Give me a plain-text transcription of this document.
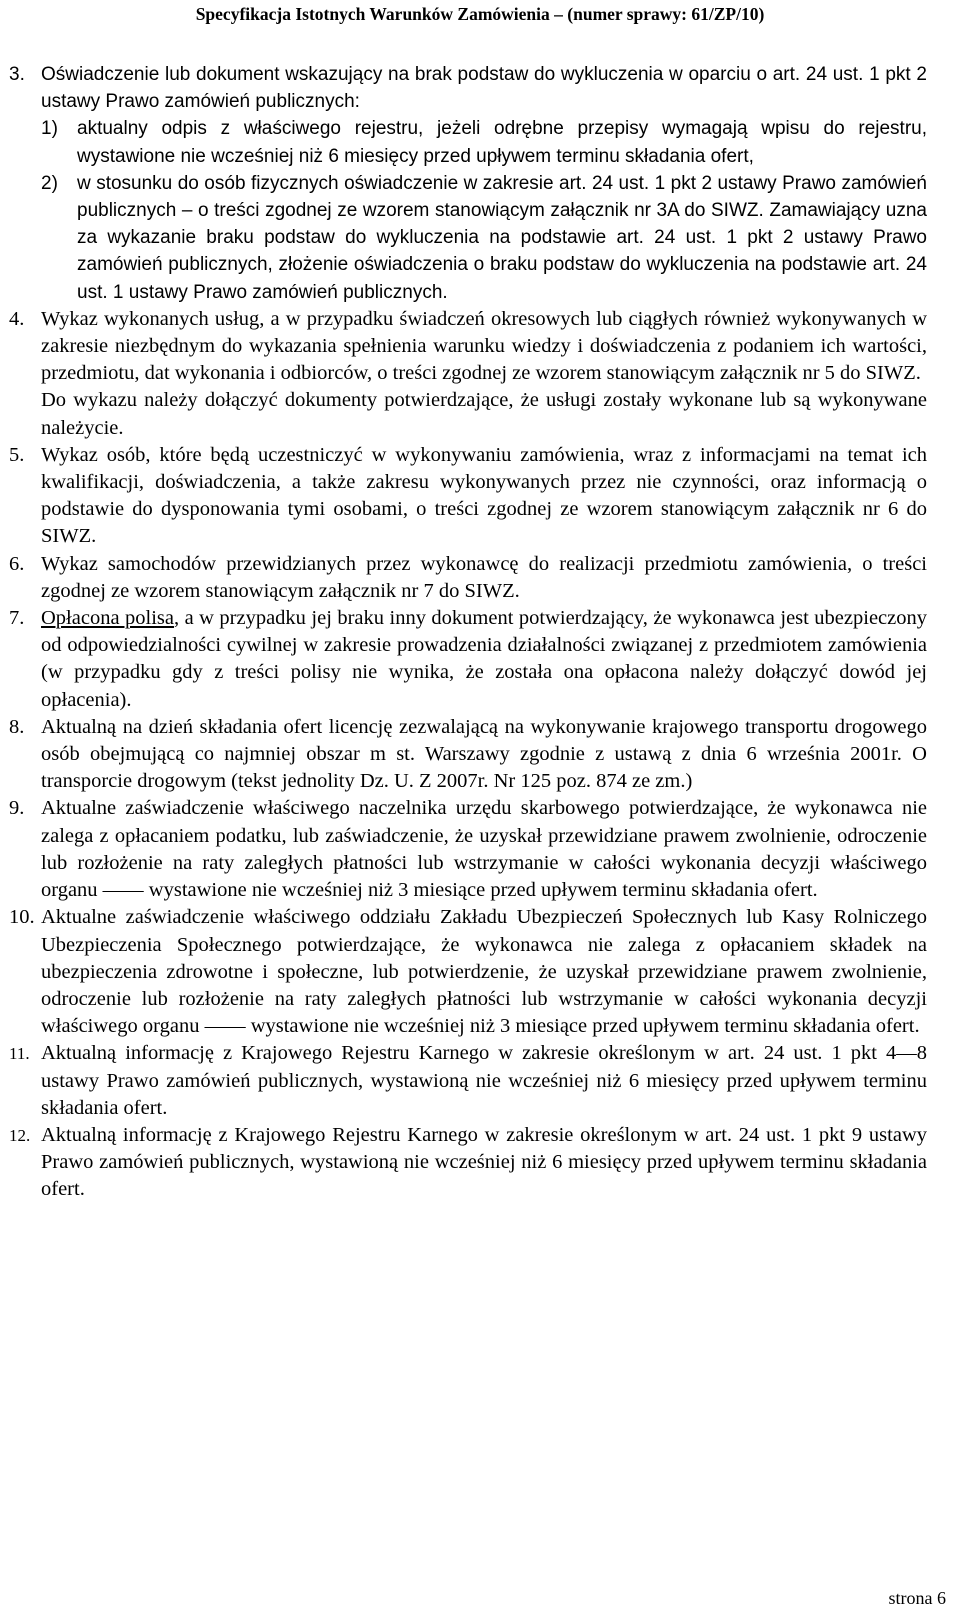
Specyfikacja Istotnych Warunków Zamówienia – (numer sprawy: 61/ZP/10)
3. Oświadczenie lub dokument wskazujący na brak podstaw do wykluczenia w oparciu o art. 24 ust. 1 pkt 2 ustawy Prawo zamówień publicznych:
1) aktualny odpis z właściwego rejestru, jeżeli odrębne przepisy wymagają wpisu do rejestru, wystawione nie wcześniej niż 6 miesięcy przed upływem terminu składania ofert,
2) w stosunku do osób fizycznych oświadczenie w zakresie art. 24 ust. 1 pkt 2 ustawy Prawo zamówień publicznych – o treści zgodnej ze wzorem stanowiącym załącznik nr 3A do SIWZ. Zamawiający uzna za wykazanie braku podstaw do wykluczenia na podstawie art. 24 ust. 1 pkt 2 ustawy Prawo zamówień publicznych, złożenie oświadczenia o braku podstaw do wykluczenia na podstawie art. 24 ust. 1 ustawy Prawo zamówień publicznych.
4. Wykaz wykonanych usług, a w przypadku świadczeń okresowych lub ciągłych również wykonywanych w zakresie niezbędnym do wykazania spełnienia warunku wiedzy i doświadczenia z podaniem ich wartości, przedmiotu, dat wykonania i odbiorców, o treści zgodnej ze wzorem stanowiącym załącznik nr 5 do SIWZ.
Do wykazu należy dołączyć dokumenty potwierdzające, że usługi zostały wykonane lub są wykonywane należycie.
5. Wykaz osób, które będą uczestniczyć w wykonywaniu zamówienia, wraz z informacjami na temat ich kwalifikacji, doświadczenia, a także zakresu wykonywanych przez nie czynności, oraz informacją o podstawie do dysponowania tymi osobami, o treści zgodnej ze wzorem stanowiącym załącznik nr 6 do SIWZ.
6. Wykaz samochodów przewidzianych przez wykonawcę do realizacji przedmiotu zamówienia, o treści zgodnej ze wzorem stanowiącym załącznik nr 7 do SIWZ.
7. Opłacona polisa, a w przypadku jej braku inny dokument potwierdzający, że wykonawca jest ubezpieczony od odpowiedzialności cywilnej w zakresie prowadzenia działalności związanej z przedmiotem zamówienia (w przypadku gdy z treści polisy nie wynika, że została ona opłacona należy dołączyć dowód jej opłacenia).
8. Aktualną na dzień składania ofert licencję zezwalającą na wykonywanie krajowego transportu drogowego osób obejmującą co najmniej obszar m st. Warszawy zgodnie z ustawą z dnia 6 września 2001r. O transporcie drogowym (tekst jednolity Dz. U. Z 2007r. Nr 125 poz. 874 ze zm.)
9. Aktualne zaświadczenie właściwego naczelnika urzędu skarbowego potwierdzające, że wykonawca nie zalega z opłacaniem podatku, lub zaświadczenie, że uzyskał przewidziane prawem zwolnienie, odroczenie lub rozłożenie na raty zaległych płatności lub wstrzymanie w całości wykonania decyzji właściwego organu —— wystawione nie wcześniej niż 3 miesiące przed upływem terminu składania ofert.
10. Aktualne zaświadczenie właściwego oddziału Zakładu Ubezpieczeń Społecznych lub Kasy Rolniczego Ubezpieczenia Społecznego potwierdzające, że wykonawca nie zalega z opłacaniem składek na ubezpieczenia zdrowotne i społeczne, lub potwierdzenie, że uzyskał przewidziane prawem zwolnienie, odroczenie lub rozłożenie na raty zaległych płatności lub wstrzymanie w całości wykonania decyzji właściwego organu —— wystawione nie wcześniej niż 3 miesiące przed upływem terminu składania ofert.
11. Aktualną informację z Krajowego Rejestru Karnego w zakresie określonym w art. 24 ust. 1 pkt 4—8 ustawy Prawo zamówień publicznych, wystawioną nie wcześniej niż 6 miesięcy przed upływem terminu składania ofert.
12. Aktualną informację z Krajowego Rejestru Karnego w zakresie określonym w art. 24 ust. 1 pkt 9 ustawy Prawo zamówień publicznych, wystawioną nie wcześniej niż 6 miesięcy przed upływem terminu składania ofert.
strona 6
